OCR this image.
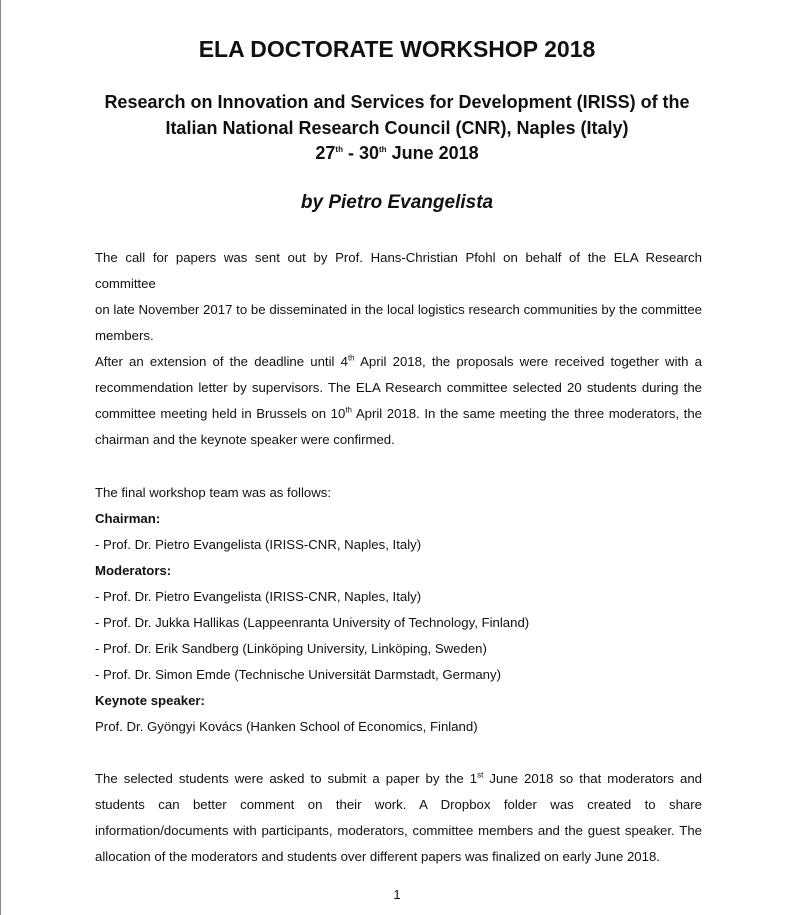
ELA DOCTORATE WORKSHOP 2018
Research on Innovation and Services for Development (IRISS) of the
Italian National Research Council (CNR), Naples (Italy)
27th - 30th June 2018

by Pietro Evangelista

The call for papers was sent out by Prof. Hans-Christian Pfohl on behalf of the ELA Research committee
on late November 2017 to be disseminated in the local logistics research communities by the committee
members.
After an extension of the deadline until 4th April 2018, the proposals were received together with a
recommendation letter by supervisors. The ELA Research committee selected 20 students during the
committee meeting held in Brussels on 10th April 2018. In the same meeting the three moderators, the
chairman and the keynote speaker were confirmed.
The final workshop team was as follows:
Chairman:
- Prof. Dr. Pietro Evangelista (IRISS-CNR, Naples, Italy)
Moderators:
- Prof. Dr. Pietro Evangelista (IRISS-CNR, Naples, Italy)
- Prof. Dr. Jukka Hallikas (Lappeenranta University of Technology, Finland)
- Prof. Dr. Erik Sandberg (Linköping University, Linköping, Sweden)
- Prof. Dr. Simon Emde (Technische Universität Darmstadt, Germany)
Keynote speaker:
Prof. Dr. Gyöngyi Kovács (Hanken School of Economics, Finland)
The selected students were asked to submit a paper by the 1st June 2018 so that moderators and
students can better comment on their work. A Dropbox folder was created to share
information/documents with participants, moderators, committee members and the guest speaker. The
allocation of the moderators and students over different papers was finalized on early June 2018.
1
